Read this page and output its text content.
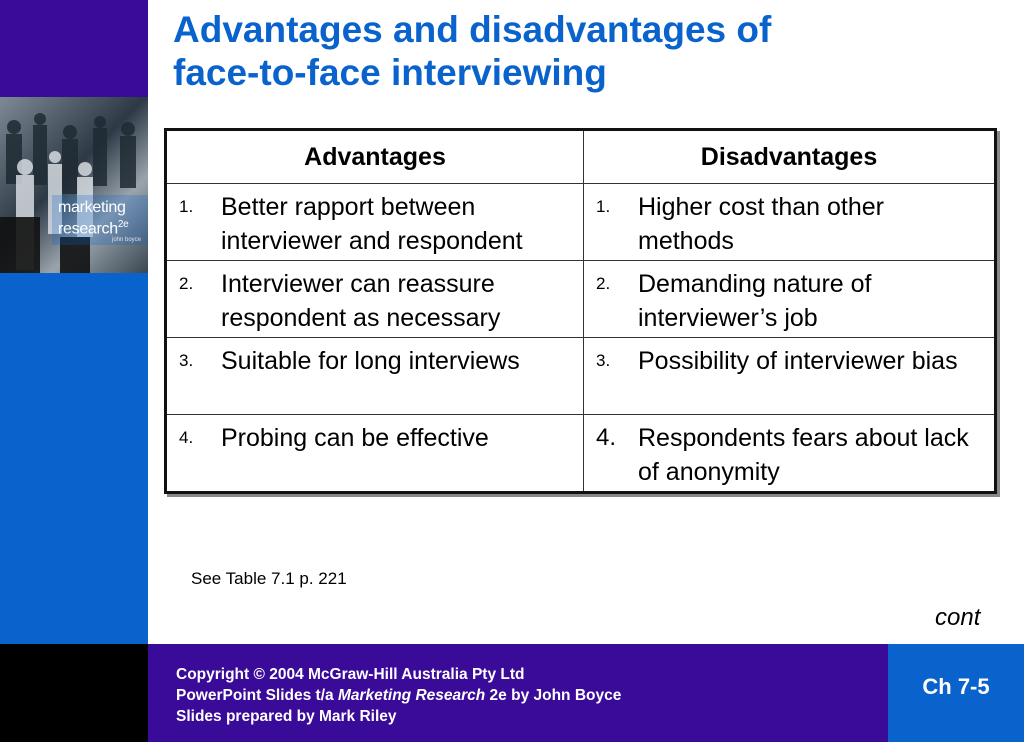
marketing
research$^{2e}$
john boyce
Advantages and disadvantages of
face-to-face interviewing
Advantages	Disadvantages

1. Better rapport between interviewer and respondent	1. Higher cost than other methods

2. Interviewer can reassure respondent as necessary	2. Demanding nature of interviewer’s job

3. Suitable for long interviews	3. Possibility of interviewer bias

4. Probing can be effective	4. Respondents fears about lack of anonymity
See Table 7.1 p. 221
cont
Copyright © 2004 McGraw-Hill Australia Pty Ltd
PowerPoint Slides t/a Marketing Research 2e by John Boyce
Slides prepared by Mark Riley
Ch 7-5
